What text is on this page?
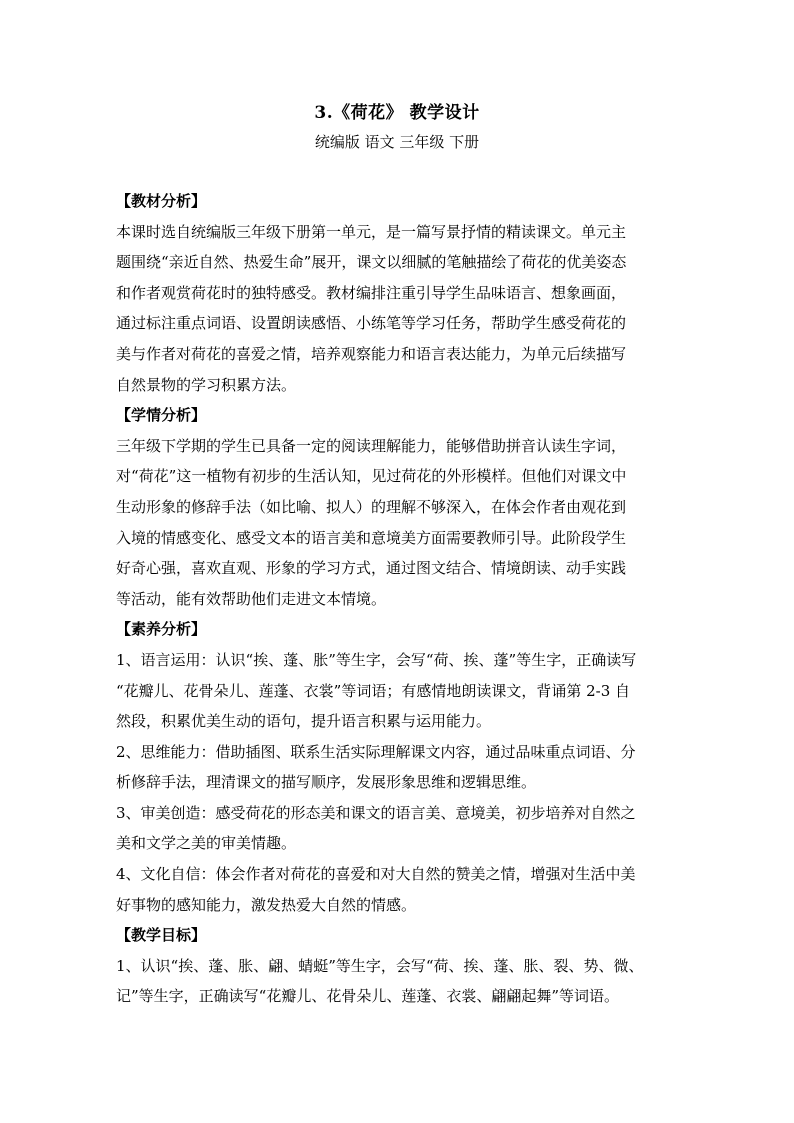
3.《荷花》 教学设计
统编版 语文 三年级 下册
【教材分析】
本课时选自统编版三年级下册第一单元，是一篇写景抒情的精读课文。单元主
题围绕“亲近自然、热爱生命”展开，课文以细腻的笔触描绘了荷花的优美姿态
和作者观赏荷花时的独特感受。教材编排注重引导学生品味语言、想象画面，
通过标注重点词语、设置朗读感悟、小练笔等学习任务，帮助学生感受荷花的
美与作者对荷花的喜爱之情，培养观察能力和语言表达能力，为单元后续描写
自然景物的学习积累方法。
【学情分析】
三年级下学期的学生已具备一定的阅读理解能力，能够借助拼音认读生字词，
对“荷花”这一植物有初步的生活认知，见过荷花的外形模样。但他们对课文中
生动形象的修辞手法（如比喻、拟人）的理解不够深入，在体会作者由观花到
入境的情感变化、感受文本的语言美和意境美方面需要教师引导。此阶段学生
好奇心强，喜欢直观、形象的学习方式，通过图文结合、情境朗读、动手实践
等活动，能有效帮助他们走进文本情境。
【素养分析】
1、语言运用：认识“挨、蓬、胀”等生字，会写“荷、挨、蓬”等生字，正确读写
“花瓣儿、花骨朵儿、莲蓬、衣裳”等词语；有感情地朗读课文，背诵第 2-3 自
然段，积累优美生动的语句，提升语言积累与运用能力。
2、思维能力：借助插图、联系生活实际理解课文内容，通过品味重点词语、分
析修辞手法，理清课文的描写顺序，发展形象思维和逻辑思维。
3、审美创造：感受荷花的形态美和课文的语言美、意境美，初步培养对自然之
美和文学之美的审美情趣。
4、文化自信：体会作者对荷花的喜爱和对大自然的赞美之情，增强对生活中美
好事物的感知能力，激发热爱大自然的情感。
【教学目标】
1、认识“挨、蓬、胀、翩、蜻蜓”等生字，会写“荷、挨、蓬、胀、裂、势、微、
记”等生字，正确读写“花瓣儿、花骨朵儿、莲蓬、衣裳、翩翩起舞”等词语。
